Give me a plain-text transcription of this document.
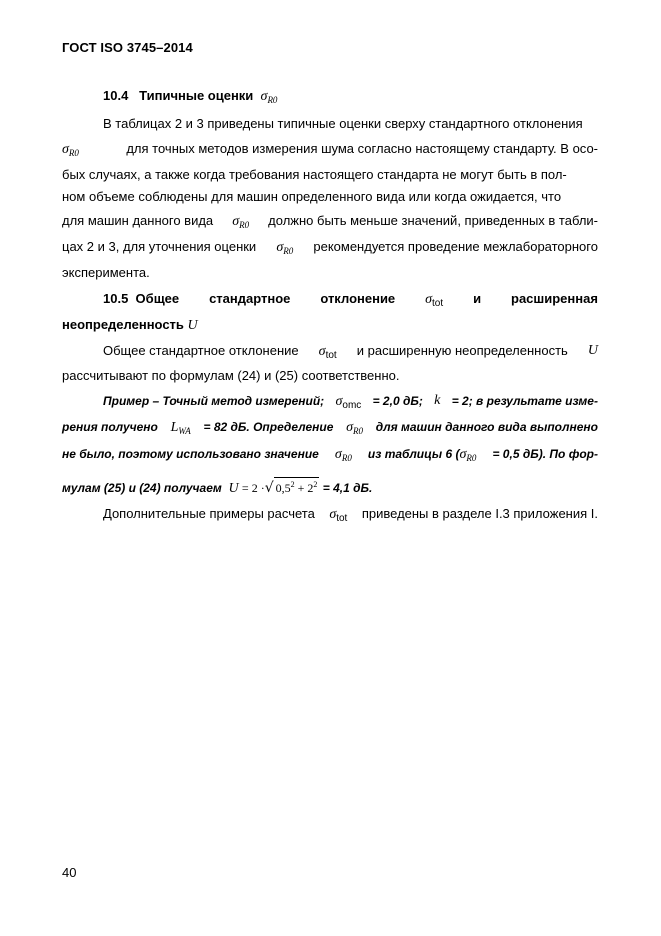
ГОСТ ISO 3745–2014
10.4 Типичные оценки $\sigma_{R0}$
В таблицах 2 и 3 приведены типичные оценки сверху стандартного отклонения
$\sigma_{R0}$	для точных методов измерения шума согласно настоящему стандарту. В осо-
бых случаях, а также когда требования настоящего стандарта не могут быть в пол-
ном объеме соблюдены для машин определенного вида или когда ожидается, что
для машин данного вида $\sigma_{R0}$ должно быть меньше значений, приведенных в табли-
цах 2 и 3, для уточнения оценки $\sigma_{R0}$ рекомендуется проведение межлабораторного
эксперимента.
10.5 Общее стандартное отклонение $\sigma_{tot}$ и расширенная
неопределенность U
Общее стандартное отклонение $\sigma_{tot}$ и расширенную неопределенность U
рассчитывают по формулам (24) и (25) соответственно.
Пример – Точный метод измерений; $\sigma_{omc} = 2,0$ дБ; k = 2; в результате изме-
рения получено $L_{WA} = 82$ дБ. Определение $\sigma_{R0}$ для машин данного вида выполнено
не было, поэтому использовано значение $\sigma_{R0}$ из таблицы 6 ($\sigma_{R0} = 0,5$ дБ). По фор-
мулам (25) и (24) получаем U = 2 ·√ $0,5^2 + 2^2 = 4,1$ дБ.
Дополнительные примеры расчета $\sigma_{tot}$ приведены в разделе I.3 приложения I.
40
